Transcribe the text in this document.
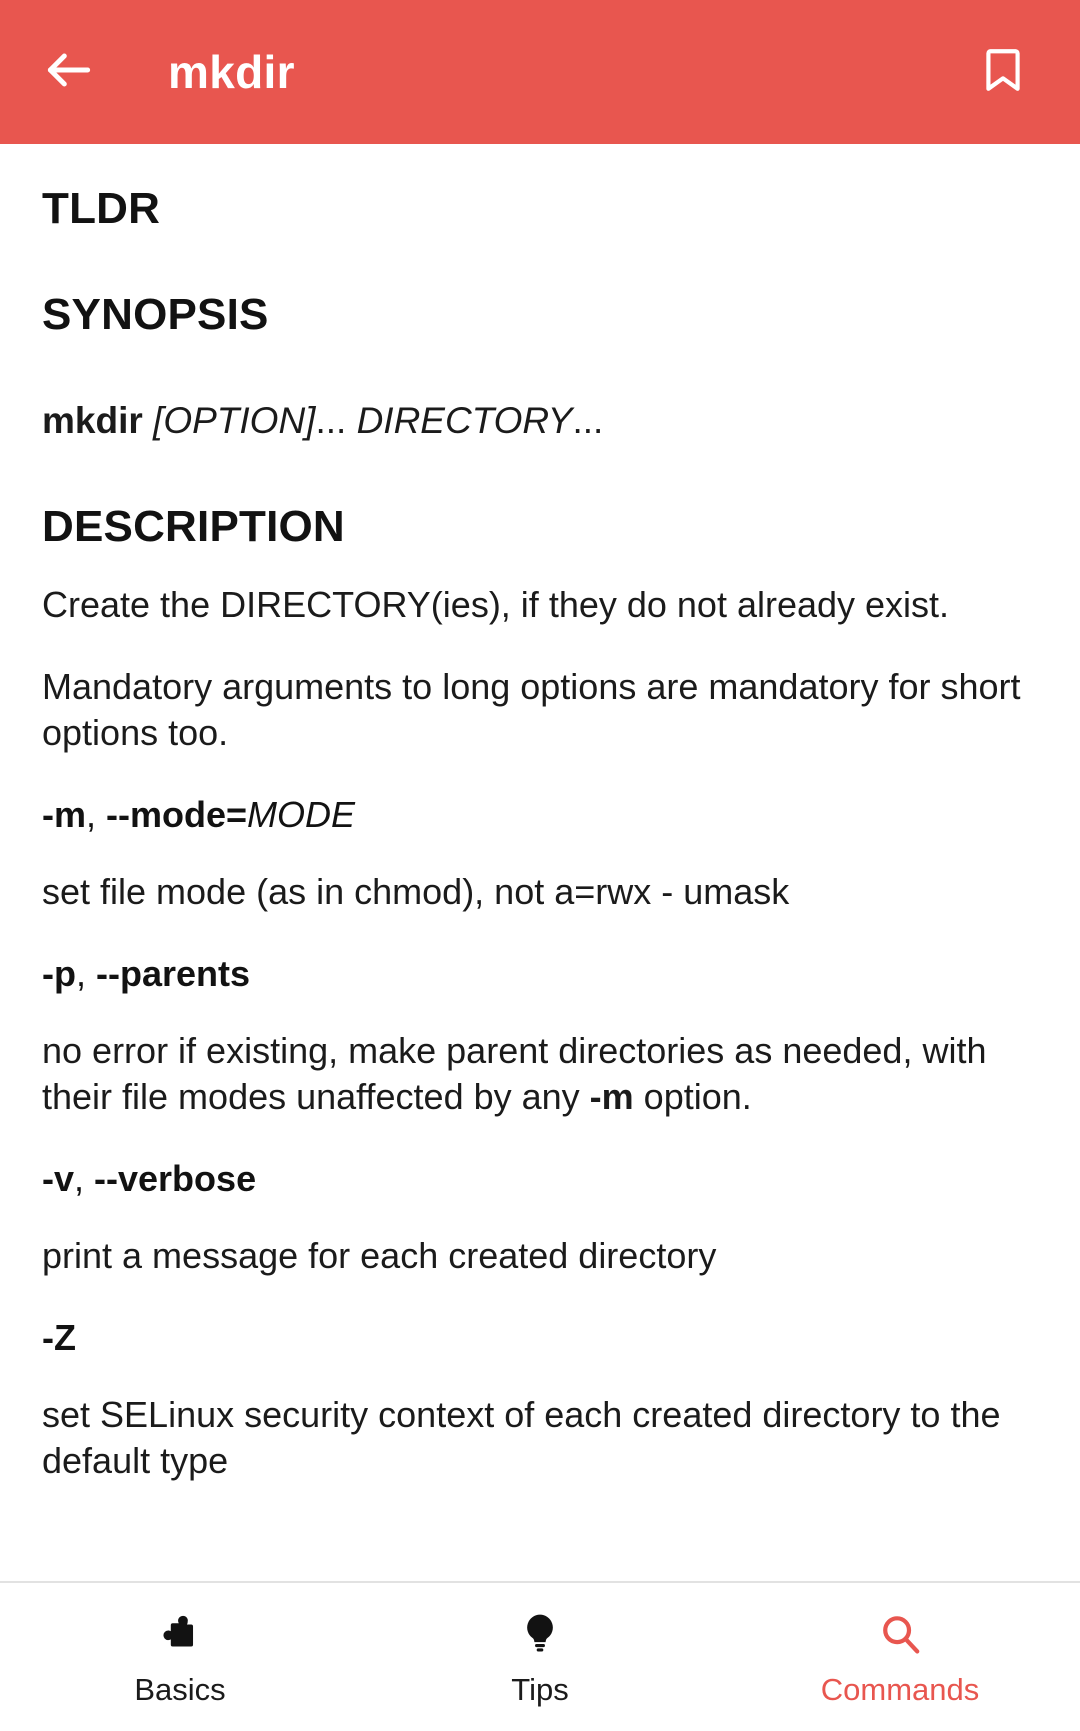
mkdir
TLDR
SYNOPSIS
mkdir [OPTION]... DIRECTORY...
DESCRIPTION
Create the DIRECTORY(ies), if they do not already exist.
Mandatory arguments to long options are mandatory for short options too.
-m, --mode=MODE
set file mode (as in chmod), not a=rwx - umask
-p, --parents
no error if existing, make parent directories as needed, with their file modes unaffected by any -m option.
-v, --verbose
print a message for each created directory
-Z
set SELinux security context of each created directory to the default type
Basics	Tips	Commands
